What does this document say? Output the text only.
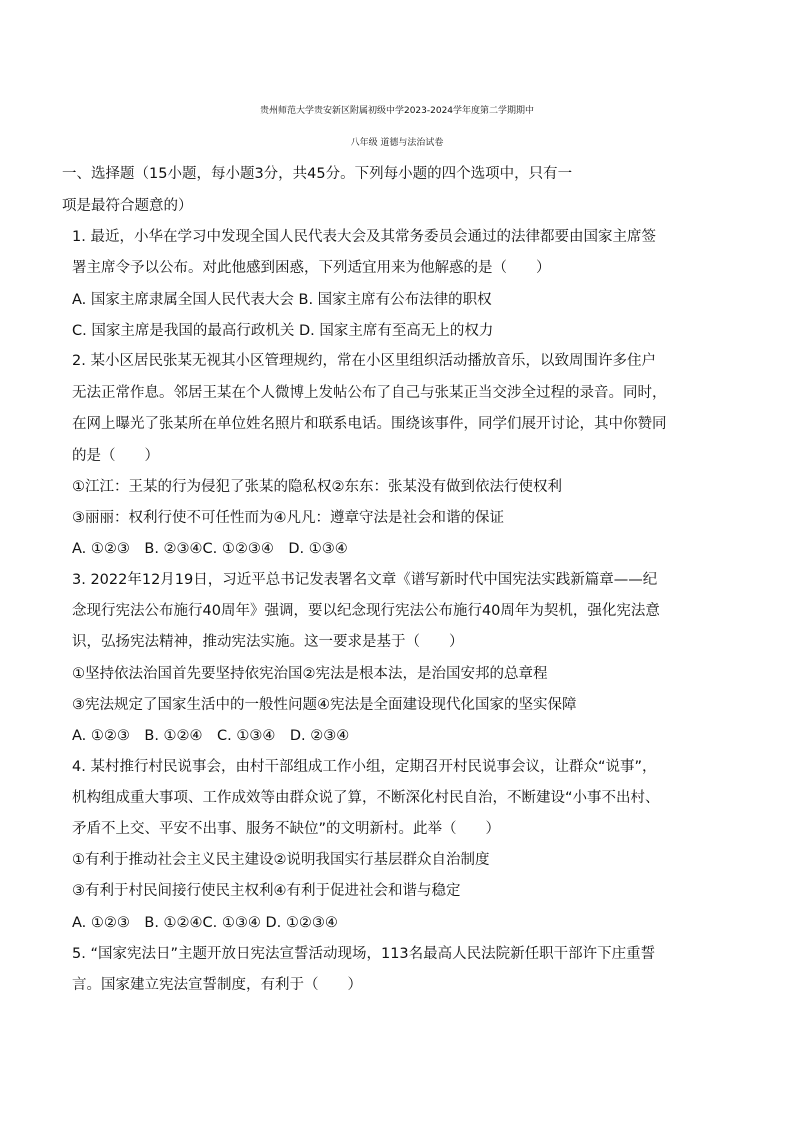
贵州师范大学贵安新区附属初级中学2023-2024学年度第二学期期中
八年级 道德与法治试卷
一、选择题（15小题，每小题3分，共45分。下列每小题的四个选项中，只有一
项是最符合题意的）
1. 最近，小华在学习中发现全国人民代表大会及其常务委员会通过的法律都要由国家主席签
署主席令予以公布。对此他感到困惑，下列适宜用来为他解惑的是（　　）
A. 国家主席隶属全国人民代表大会 B. 国家主席有公布法律的职权
C. 国家主席是我国的最高行政机关 D. 国家主席有至高无上的权力
2. 某小区居民张某无视其小区管理规约，常在小区里组织活动播放音乐，以致周围许多住户
无法正常作息。邻居王某在个人微博上发帖公布了自己与张某正当交涉全过程的录音。同时，
在网上曝光了张某所在单位姓名照片和联系电话。围绕该事件，同学们展开讨论，其中你赞同
的是（　　）
①江江：王某的行为侵犯了张某的隐私权②东东：张某没有做到依法行使权利
③丽丽：权利行使不可任性而为④凡凡：遵章守法是社会和谐的保证
A. ①②③　B. ②③④C. ①②③④　D. ①③④
3. 2022年12月19日，习近平总书记发表署名文章《谱写新时代中国宪法实践新篇章——纪
念现行宪法公布施行40周年》强调，要以纪念现行宪法公布施行40周年为契机，强化宪法意
识，弘扬宪法精神，推动宪法实施。这一要求是基于（　　）
①坚持依法治国首先要坚持依宪治国②宪法是根本法，是治国安邦的总章程
③宪法规定了国家生活中的一般性问题④宪法是全面建设现代化国家的坚实保障
A. ①②③　B. ①②④　C. ①③④　D. ②③④
4. 某村推行村民说事会，由村干部组成工作小组，定期召开村民说事会议，让群众“说事”，
机构组成重大事项、工作成效等由群众说了算，不断深化村民自治，不断建设“小事不出村、
矛盾不上交、平安不出事、服务不缺位”的文明新村。此举（　　）
①有利于推动社会主义民主建设②说明我国实行基层群众自治制度
③有利于村民间接行使民主权利④有利于促进社会和谐与稳定
A. ①②③　B. ①②④C. ①③④ D. ①②③④
5. “国家宪法日”主题开放日宪法宣誓活动现场，113名最高人民法院新任职干部许下庄重誓
言。国家建立宪法宣誓制度，有利于（　　）
